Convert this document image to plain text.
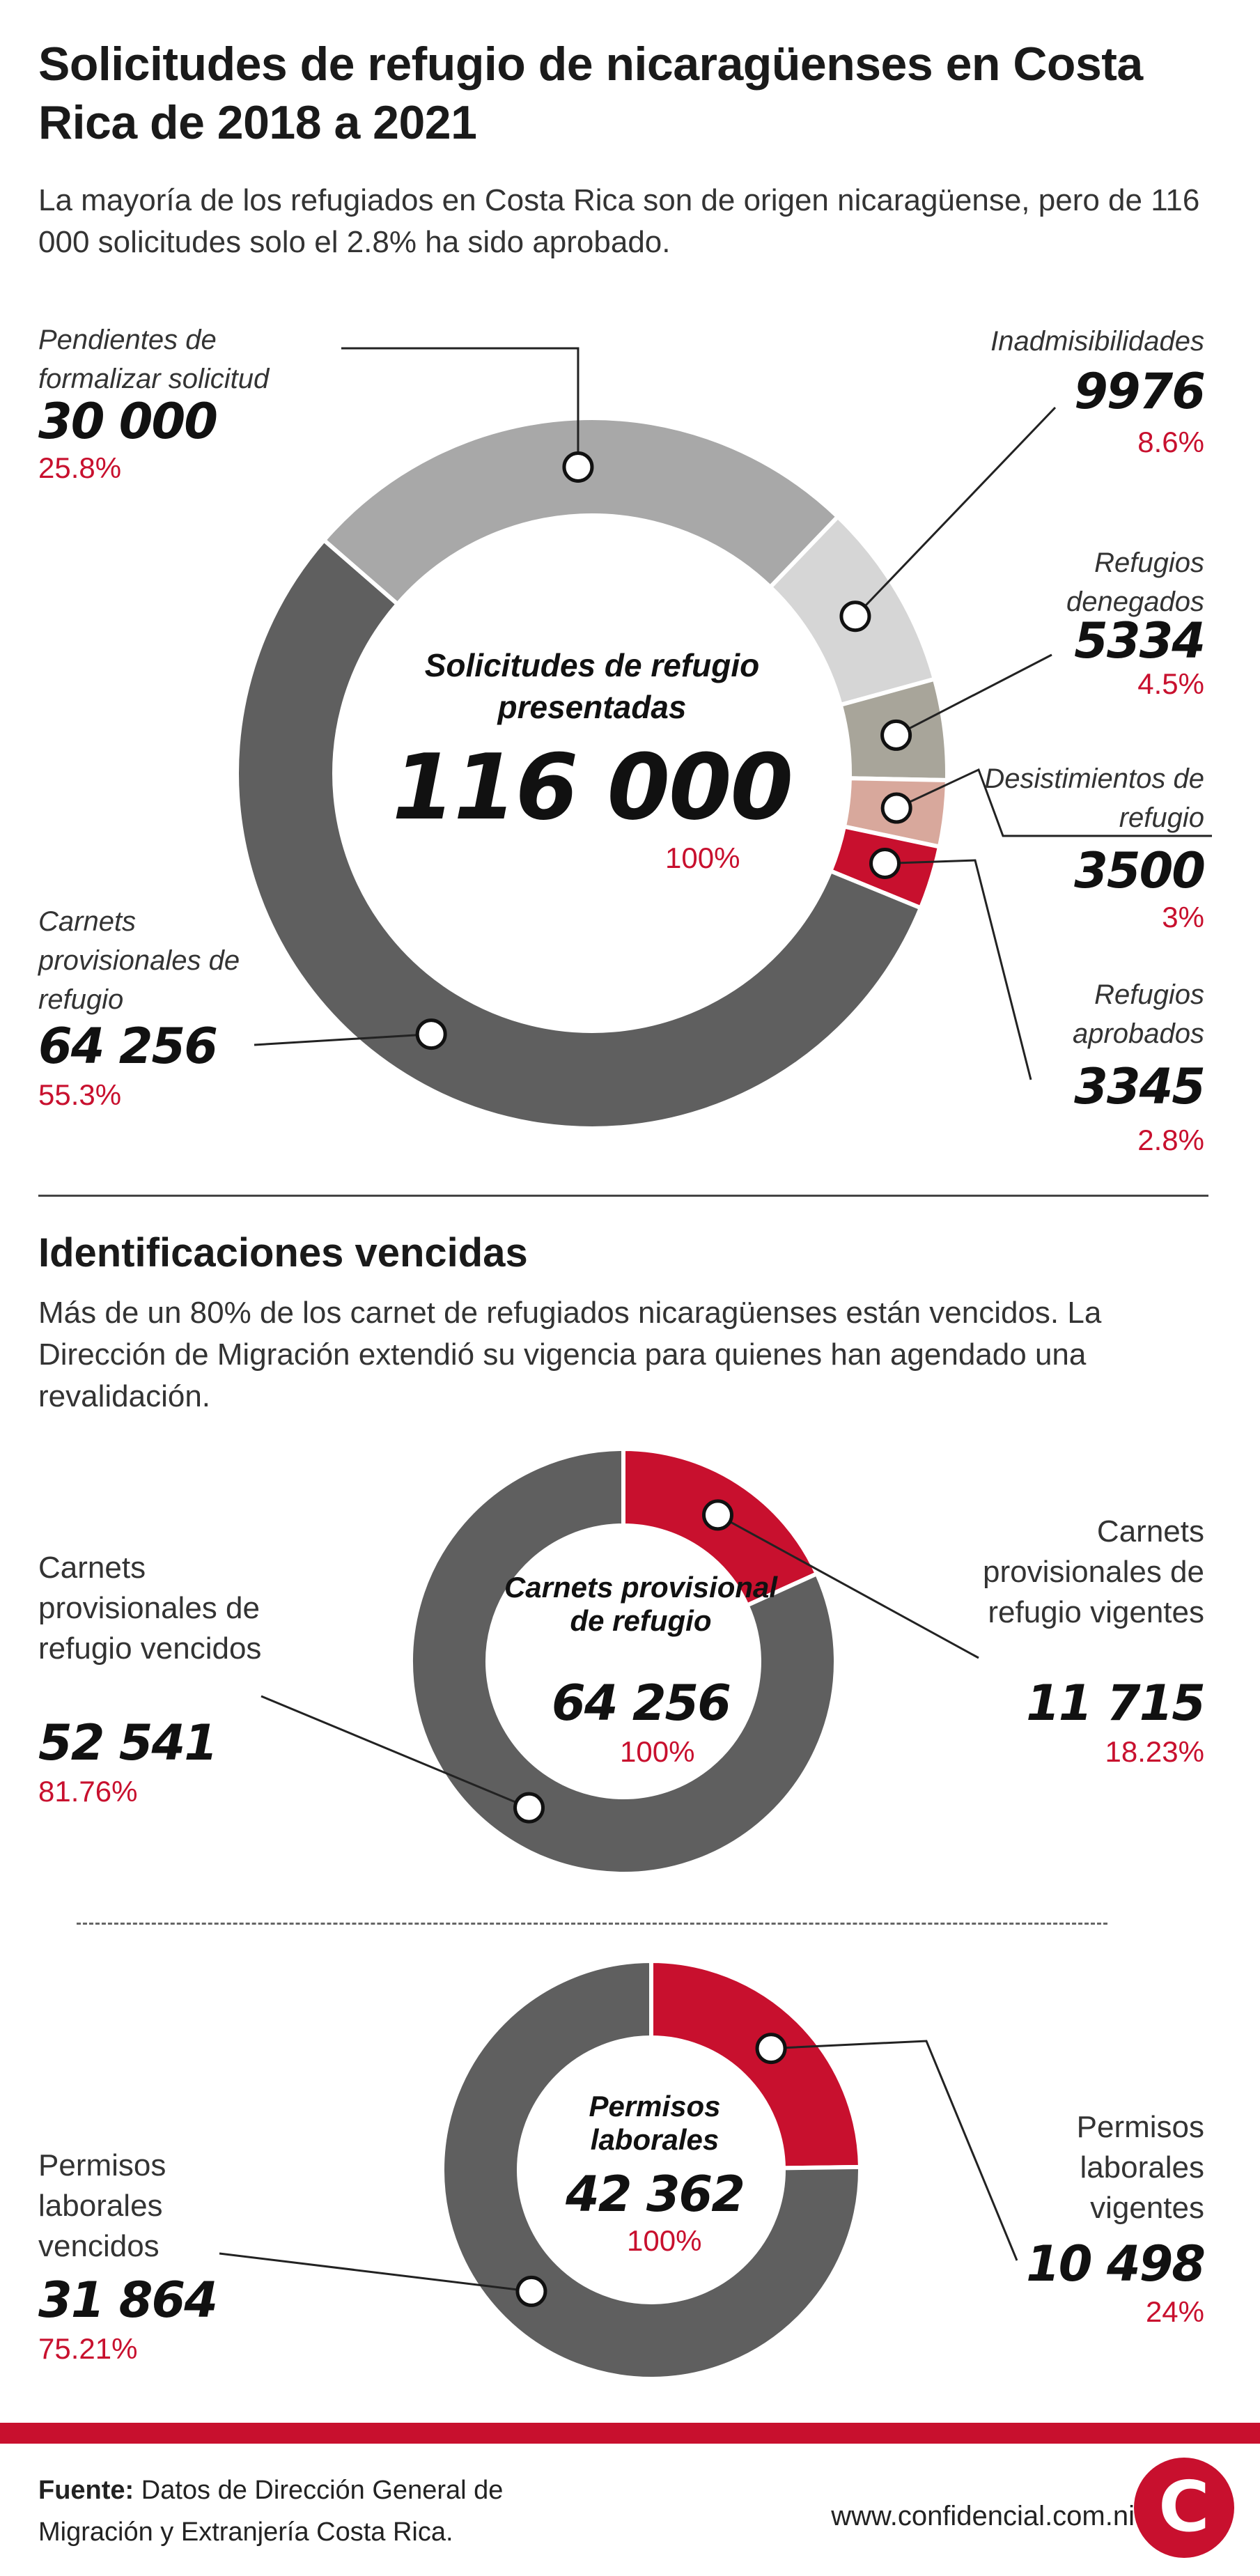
Solicitudes de refugio de nicaragüenses en Costa Rica de 2018 a 2021
La mayoría de los refugiados en Costa Rica son de origen nicaragüense, pero de 116 000 solicitudes solo el 2.8% ha sido aprobado.
Solicitudes de refugio presentadas
116 000
100%
Pendientes de formalizar solicitud
30 000
25.8%
Inadmisibilidades
9976
8.6%
Refugios denegados
5334
4.5%
Desistimientos de refugio
3500
3%
Refugios aprobados
3345
2.8%
Carnets provisionales de refugio
64 256
55.3%
Identificaciones vencidas
Más de un 80% de los carnet de refugiados nicaragüenses están vencidos. La Dirección de Migración extendió su vigencia para quienes han agendado una revalidación.
Carnets provisional de refugio
64 256
100%
Carnets provisionales de refugio vencidos
52 541
81.76%
Carnets provisionales de refugio vigentes
11 715
18.23%
Permisos laborales
42 362
100%
Permisos laborales vencidos
31 864
75.21%
Permisos laborales vigentes
10 498
24%
Fuente: Datos de Dirección General de Migración y Extranjería Costa Rica.
www.confidencial.com.ni C
